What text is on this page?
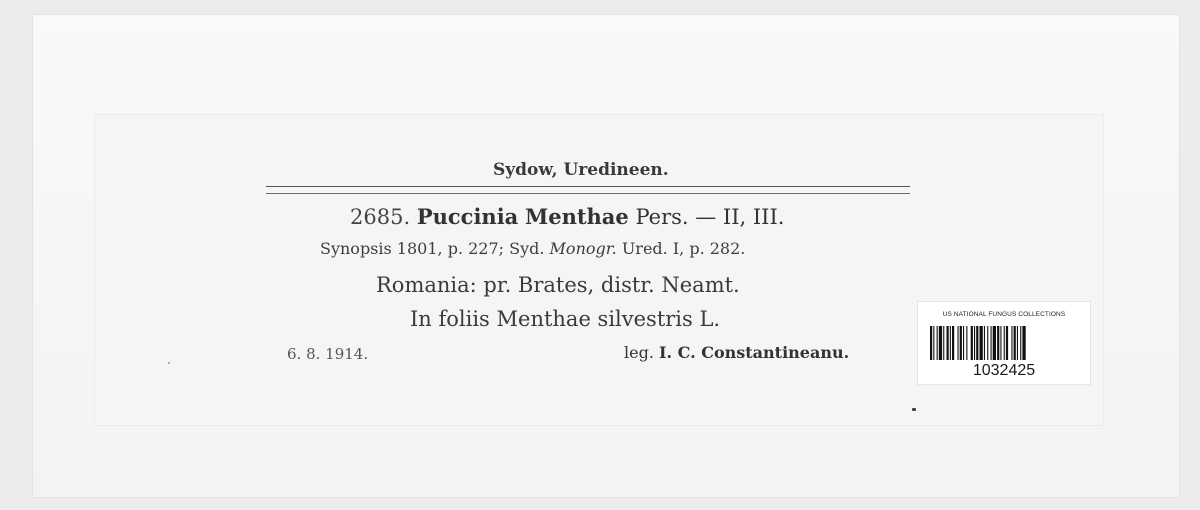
Sydow, Uredineen.
2685. Puccinia Menthae Pers. — II, III.
Synopsis 1801, p. 227; Syd. Monogr. Ured. I, p. 282.
Romania: pr. Brates, distr. Neamt.
In foliis Menthae silvestris L.
6. 8. 1914.	leg. I. C. Constantineanu.
US NATIONAL FUNGUS COLLECTIONS
1032425
